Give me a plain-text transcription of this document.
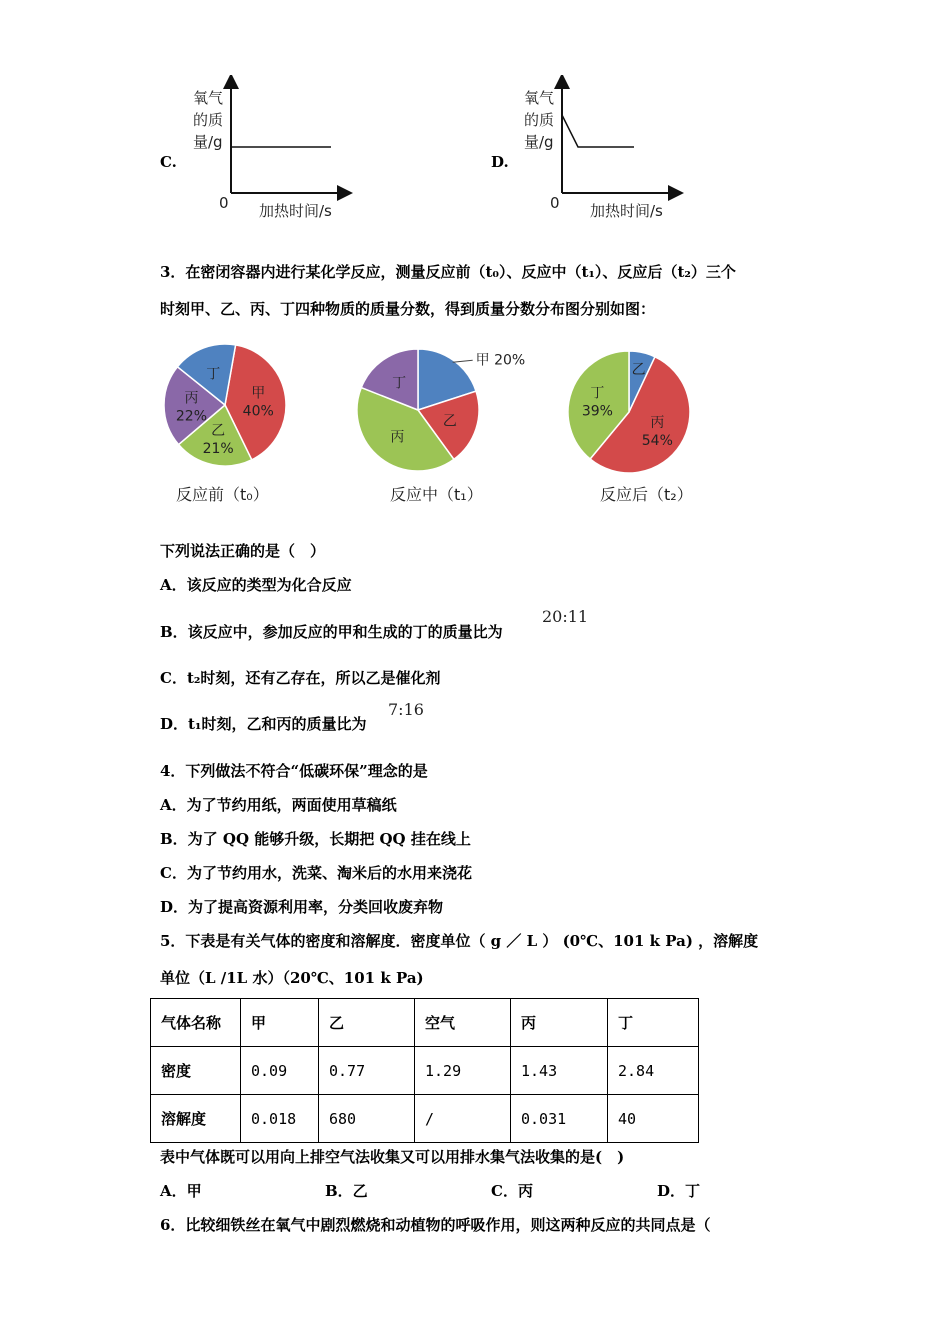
C.
氧气
的质
量/g
0 加热时间/s
D.
氧气
的质
量/g
0 加热时间/s
3．在密闭容器内进行某化学反应，测量反应前（t₀）、反应中（t₁）、反应后（t₂）三个
时刻甲、乙、丙、丁四种物质的质量分数，得到质量分数分布图分别如图：
甲
40%
乙
21%
丙
22%
丁
甲 20%
乙
丙
丁
乙
丙
54%
丁
39%
反应前（t₀）	反应中（t₁）	反应后（t₂）
下列说法正确的是（　）
A．该反应的类型为化合反应
B．该反应中，参加反应的甲和生成的丁的质量比为
20:11
C．t₂时刻，还有乙存在，所以乙是催化剂
D．t₁时刻，乙和丙的质量比为
7:16
4．下列做法不符合“低碳环保”理念的是
A．为了节约用纸，两面使用草稿纸
B．为了 QQ 能够升级，长期把 QQ 挂在线上
C．为了节约用水，洗菜、淘米后的水用来浇花
D．为了提高资源利用率，分类回收废弃物
5．下表是有关气体的密度和溶解度．密度单位（ g ／ L ） (0℃、101 k Pa) ，溶解度
单位（L /1L 水）（20℃、101 k Pa)
气体名称	甲	乙	空气	丙	丁
密度	0.09	0.77	1.29	1.43	2.84
溶解度	0.018	680	/	0.031	40
表中气体既可以用向上排空气法收集又可以用排水集气法收集的是(　)
A．甲	B．乙	C．丙	D．丁
6．比较细铁丝在氧气中剧烈燃烧和动植物的呼吸作用，则这两种反应的共同点是（
